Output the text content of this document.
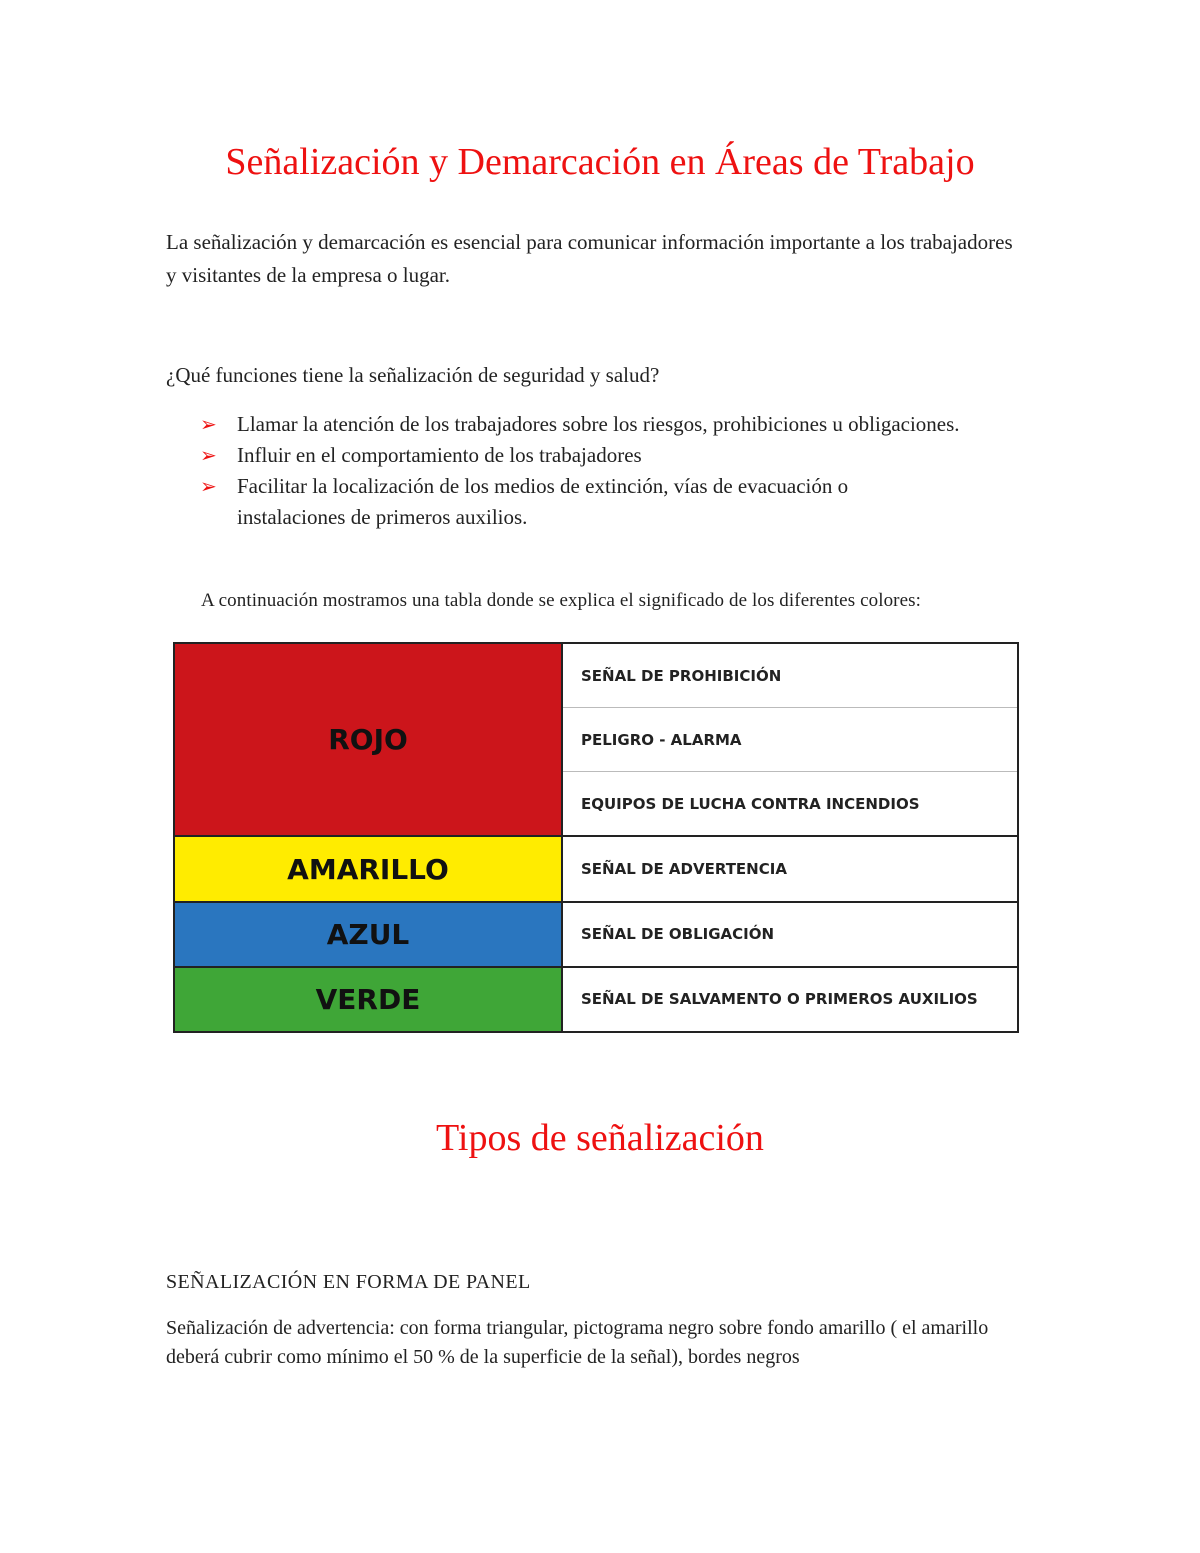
Señalización y Demarcación en Áreas de Trabajo

La señalización y demarcación es esencial para comunicar información importante a los trabajadores y visitantes de la empresa o lugar.

¿Qué funciones tiene la señalización de seguridad y salud?

➢ Llamar la atención de los trabajadores sobre los riesgos, prohibiciones u obligaciones.
➢ Influir en el comportamiento de los trabajadores
➢ Facilitar la localización de los medios de extinción, vías de evacuación o instalaciones de primeros auxilios.

A continuación mostramos una tabla donde se explica el significado de los diferentes colores:

ROJO	SEÑAL DE PROHIBICIÓN
	PELIGRO - ALARMA
	EQUIPOS DE LUCHA CONTRA INCENDIOS
AMARILLO	SEÑAL DE ADVERTENCIA
AZUL	SEÑAL DE OBLIGACIÓN
VERDE	SEÑAL DE SALVAMENTO O PRIMEROS AUXILIOS
Tipos de señalización

SEÑALIZACIÓN EN FORMA DE PANEL

Señalización de advertencia: con forma triangular, pictograma negro sobre fondo amarillo ( el amarillo deberá cubrir como mínimo el 50 % de la superficie de la señal), bordes negros
